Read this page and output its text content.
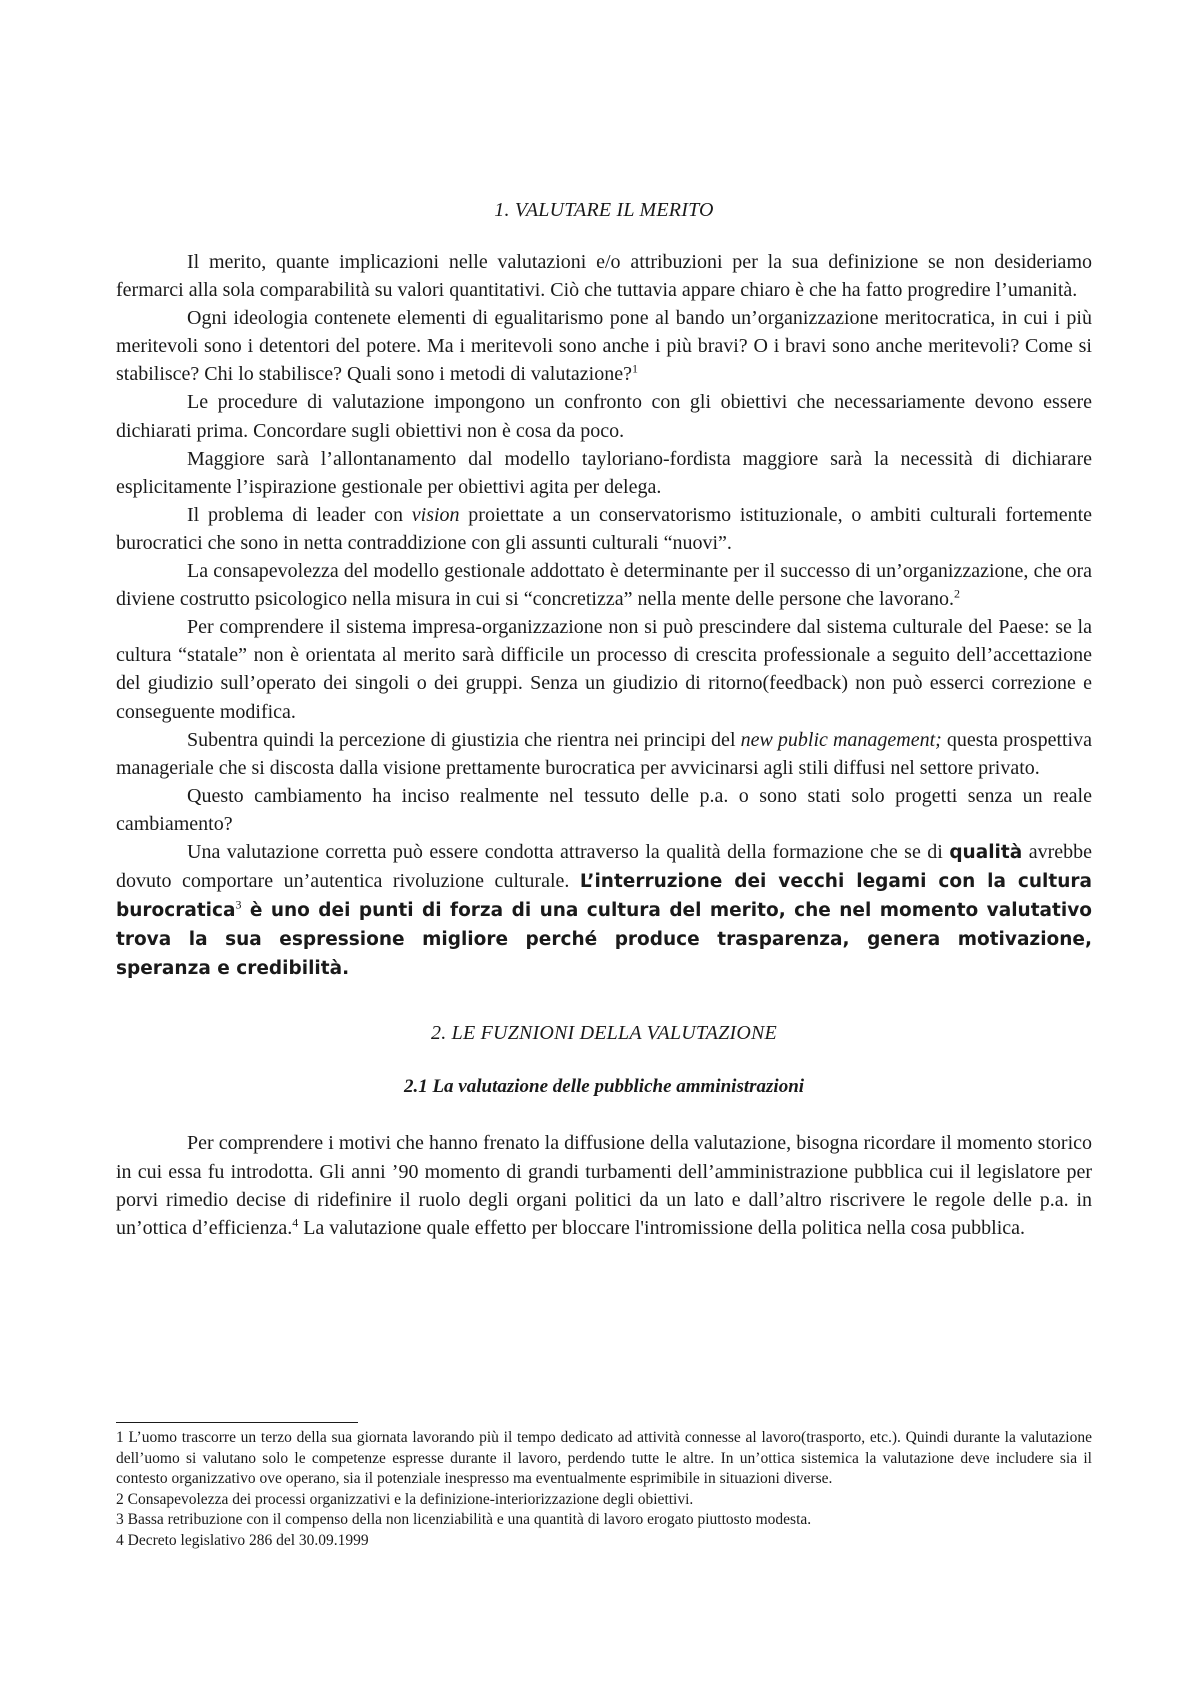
1. VALUTARE IL MERITO

Il merito, quante implicazioni nelle valutazioni e/o attribuzioni per la sua definizione se non desideriamo fermarci alla sola comparabilità su valori quantitativi. Ciò che tuttavia appare chiaro è che ha fatto progredire l’umanità.

Ogni ideologia contenete elementi di egualitarismo pone al bando un’organizzazione meritocratica, in cui i più meritevoli sono i detentori del potere. Ma i meritevoli sono anche i più bravi? O i bravi sono anche meritevoli? Come si stabilisce? Chi lo stabilisce? Quali sono i metodi di valutazione?$^1$

Le procedure di valutazione impongono un confronto con gli obiettivi che necessariamente devono essere dichiarati prima. Concordare sugli obiettivi non è cosa da poco.

Maggiore sarà l’allontanamento dal modello tayloriano-fordista maggiore sarà la necessità di dichiarare esplicitamente l’ispirazione gestionale per obiettivi agita per delega.

Il problema di leader con vision proiettate a un conservatorismo istituzionale, o ambiti culturali fortemente burocratici che sono in netta contraddizione con gli assunti culturali “nuovi”.

La consapevolezza del modello gestionale addottato è determinante per il successo di un’organizzazione, che ora diviene costrutto psicologico nella misura in cui si “concretizza” nella mente delle persone che lavorano.$^2$

Per comprendere il sistema impresa-organizzazione non si può prescindere dal sistema culturale del Paese: se la cultura “statale” non è orientata al merito sarà difficile un processo di crescita professionale a seguito dell’accettazione del giudizio sull’operato dei singoli o dei gruppi. Senza un giudizio di ritorno(feedback) non può esserci correzione e conseguente modifica.

Subentra quindi la percezione di giustizia che rientra nei principi del new public management; questa prospettiva manageriale che si discosta dalla visione prettamente burocratica per avvicinarsi agli stili diffusi nel settore privato.

Questo cambiamento ha inciso realmente nel tessuto delle p.a. o sono stati solo progetti senza un reale cambiamento?

Una valutazione corretta può essere condotta attraverso la qualità della formazione che se di qualità avrebbe dovuto comportare un’autentica rivoluzione culturale. L’interruzione dei vecchi legami con la cultura burocratica$^3$ è uno dei punti di forza di una cultura del merito, che nel momento valutativo trova la sua espressione migliore perché produce trasparenza, genera motivazione, speranza e credibilità.

2. LE FUZNIONI DELLA VALUTAZIONE
2.1 La valutazione delle pubbliche amministrazioni

Per comprendere i motivi che hanno frenato la diffusione della valutazione, bisogna ricordare il momento storico in cui essa fu introdotta. Gli anni ’90 momento di grandi turbamenti dell’amministrazione pubblica cui il legislatore per porvi rimedio decise di ridefinire il ruolo degli organi politici da un lato e dall’altro riscrivere le regole delle p.a. in un’ottica d’efficienza.$^4$ La valutazione quale effetto per bloccare l'intromissione della politica nella cosa pubblica.

1 L’uomo trascorre un terzo della sua giornata lavorando più il tempo dedicato ad attività connesse al lavoro(trasporto, etc.). Quindi durante la valutazione dell’uomo si valutano solo le competenze espresse durante il lavoro, perdendo tutte le altre. In un’ottica sistemica la valutazione deve includere sia il contesto organizzativo ove operano, sia il potenziale inespresso ma eventualmente esprimibile in situazioni diverse.

2 Consapevolezza dei processi organizzativi e la definizione-interiorizzazione degli obiettivi.

3 Bassa retribuzione con il compenso della non licenziabilità e una quantità di lavoro erogato piuttosto modesta.

4 Decreto legislativo 286 del 30.09.1999
